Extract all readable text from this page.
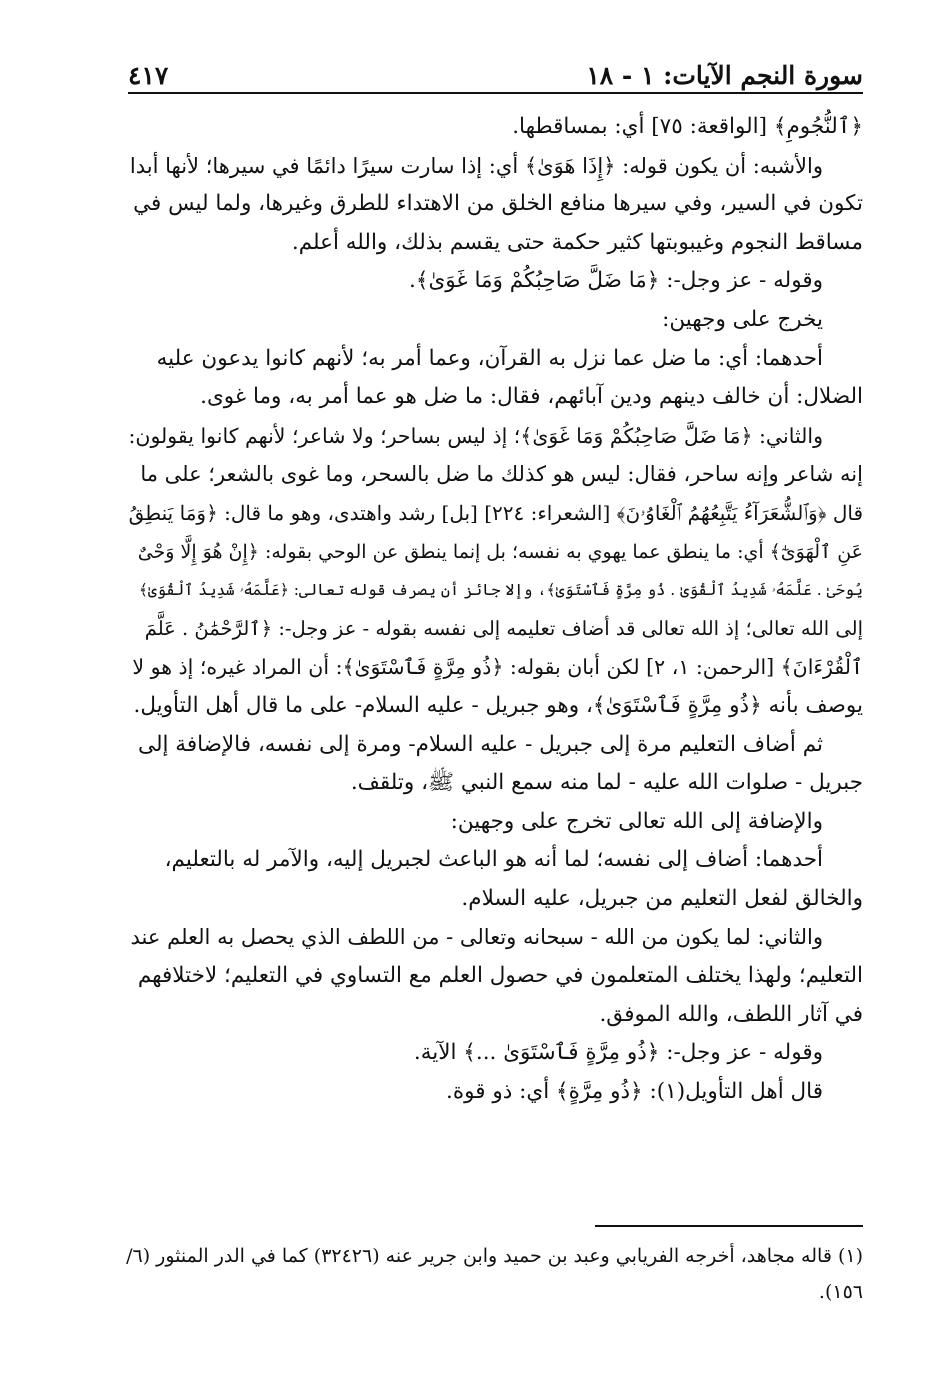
سورة النجم الآيات: ١ - ١٨
٤١٧
﴿ٱلنُّجُومِ﴾ [الواقعة: ٧٥] أي: بمساقطها.
والأشبه: أن يكون قوله: ﴿إِذَا هَوَىٰ﴾ أي: إذا سارت سيرًا دائمًا في سيرها؛ لأنها أبدا
تكون في السير، وفي سيرها منافع الخلق من الاهتداء للطرق وغيرها، ولما ليس في
مساقط النجوم وغيبوبتها كثير حكمة حتى يقسم بذلك، والله أعلم.
وقوله - عز وجل-: ﴿مَا ضَلَّ صَاحِبُكُمْ وَمَا غَوَىٰ﴾.
يخرج على وجهين:
أحدهما: أي: ما ضل عما نزل به القرآن، وعما أمر به؛ لأنهم كانوا يدعون عليه
الضلال: أن خالف دينهم ودين آبائهم، فقال: ما ضل هو عما أمر به، وما غوى.
والثاني: ﴿مَا ضَلَّ صَاحِبُكُمْ وَمَا غَوَىٰ﴾؛ إذ ليس بساحر؛ ولا شاعر؛ لأنهم كانوا يقولون:
إنه شاعر وإنه ساحر، فقال: ليس هو كذلك ما ضل بالسحر، وما غوى بالشعر؛ على ما
قال ﴿وَٱلشُّعَرَآءُ يَتَّبِعُهُمُ ٱلْغَاوُۥنَ﴾ [الشعراء: ٢٢٤] [بل] رشد واهتدى، وهو ما قال: ﴿وَمَا يَنطِقُ
عَنِ ٱلْهَوَىٰٓ﴾ أي: ما ينطق عما يهوي به نفسه؛ بل إنما ينطق عن الوحي بقوله: ﴿إِنْ هُوَ إِلَّا وَحْىٌ
يُوحَىٰ . عَلَّمَهُۥ شَدِيدُ ٱلْقُوَىٰ . ذُو مِرَّةٍ فَٱسْتَوَىٰ﴾، وإلا جائز أن يصرف قوله تعالى: ﴿عَلَّمَهُۥ شَدِيدُ ٱلْقُوَىٰ﴾
إلى الله تعالى؛ إذ الله تعالى قد أضاف تعليمه إلى نفسه بقوله - عز وجل-: ﴿ٱلرَّحْمَٰنُ . عَلَّمَ
ٱلْقُرْءَانَ﴾ [الرحمن: ١، ٢] لكن أبان بقوله: ﴿ذُو مِرَّةٍ فَٱسْتَوَىٰ﴾: أن المراد غيره؛ إذ هو لا
يوصف بأنه ﴿ذُو مِرَّةٍ فَٱسْتَوَىٰ﴾، وهو جبريل - عليه السلام- على ما قال أهل التأويل.
ثم أضاف التعليم مرة إلى جبريل - عليه السلام- ومرة إلى نفسه، فالإضافة إلى
جبريل - صلوات الله عليه - لما منه سمع النبي ﷺ، وتلقف.
والإضافة إلى الله تعالى تخرج على وجهين:
أحدهما: أضاف إلى نفسه؛ لما أنه هو الباعث لجبريل إليه، والآمر له بالتعليم،
والخالق لفعل التعليم من جبريل، عليه السلام.
والثاني: لما يكون من الله - سبحانه وتعالى - من اللطف الذي يحصل به العلم عند
التعليم؛ ولهذا يختلف المتعلمون في حصول العلم مع التساوي في التعليم؛ لاختلافهم
في آثار اللطف، والله الموفق.
وقوله - عز وجل-: ﴿ذُو مِرَّةٍ فَٱسْتَوَىٰ ...﴾ الآية.
قال أهل التأويل(١): ﴿ذُو مِرَّةٍ﴾ أي: ذو قوة.
(١) قاله مجاهد، أخرجه الفريابي وعبد بن حميد وابن جرير عنه (٣٢٤٢٦) كما في الدر المنثور (٦/
١٥٦).
